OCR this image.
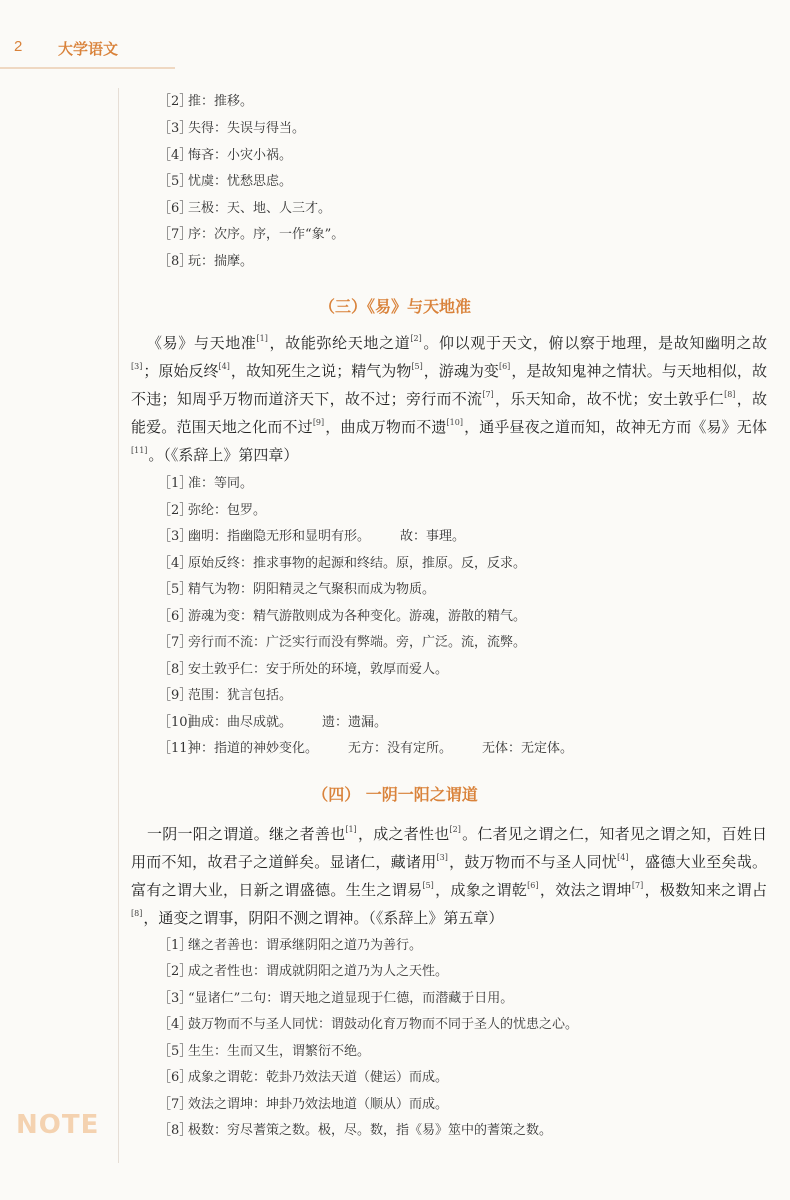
2 大学语文
NOTE
［2］推：推移。
［3］失得：失误与得当。
［4］悔吝：小灾小祸。
［5］忧虞：忧愁思虑。
［6］三极：天、地、人三才。
［7］序：次序。序，一作“象”。
［8］玩：揣摩。
（三）《易》与天地准
《易》与天地准[1]，故能弥纶天地之道[2]。仰以观于天文，俯以察于地理，是故知幽明之故[3]；原始反终[4]，故知死生之说；精气为物[5]，游魂为变[6]，是故知鬼神之情状。与天地相似，故不违；知周乎万物而道济天下，故不过；旁行而不流[7]，乐天知命，故不忧；安土敦乎仁[8]，故能爱。范围天地之化而不过[9]，曲成万物而不遗[10]，通乎昼夜之道而知，故神无方而《易》无体[11]。（《系辞上》第四章）
［1］准：等同。
［2］弥纶：包罗。
［3］幽明：指幽隐无形和显明有形。 故：事理。
［4］原始反终：推求事物的起源和终结。原，推原。反，反求。
［5］精气为物：阴阳精灵之气聚积而成为物质。
［6］游魂为变：精气游散则成为各种变化。游魂，游散的精气。
［7］旁行而不流：广泛实行而没有弊端。旁，广泛。流，流弊。
［8］安土敦乎仁：安于所处的环境，敦厚而爱人。
［9］范围：犹言包括。
［10］曲成：曲尽成就。 遗：遗漏。
［11］神：指道的神妙变化。 无方：没有定所。 无体：无定体。
（四） 一阴一阳之谓道
一阴一阳之谓道。继之者善也[1]，成之者性也[2]。仁者见之谓之仁，知者见之谓之知，百姓日用而不知，故君子之道鲜矣。显诸仁，藏诸用[3]，鼓万物而不与圣人同忧[4]，盛德大业至矣哉。富有之谓大业，日新之谓盛德。生生之谓易[5]，成象之谓乾[6]，效法之谓坤[7]，极数知来之谓占[8]，通变之谓事，阴阳不测之谓神。（《系辞上》第五章）
［1］继之者善也：谓承继阴阳之道乃为善行。
［2］成之者性也：谓成就阴阳之道乃为人之天性。
［3］“显诸仁”二句：谓天地之道显现于仁德，而潜藏于日用。
［4］鼓万物而不与圣人同忧：谓鼓动化育万物而不同于圣人的忧患之心。
［5］生生：生而又生，谓繁衍不绝。
［6］成象之谓乾：乾卦乃效法天道（健运）而成。
［7］效法之谓坤：坤卦乃效法地道（顺从）而成。
［8］极数：穷尽蓍策之数。极，尽。数，指《易》筮中的蓍策之数。
